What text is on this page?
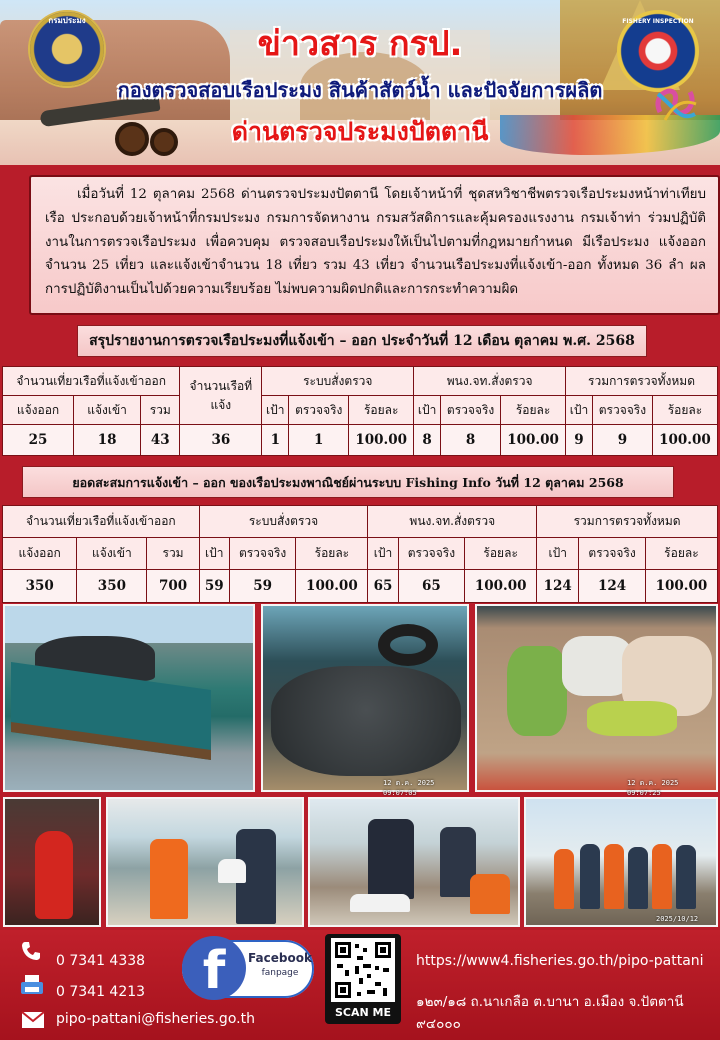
กรมประมง	FISHERY INSPECTION
ข่าวสาร กรป.
กองตรวจสอบเรือประมง สินค้าสัตว์น้ำ และปัจจัยการผลิต
ด่านตรวจประมงปัตตานี

เมื่อวันที่ 12 ตุลาคม 2568 ด่านตรวจประมงปัตตานี โดยเจ้าหน้าที่ ชุดสหวิชาชีพตรวจเรือประมงหน้าท่าเทียบเรือ ประกอบด้วยเจ้าหน้าที่กรมประมง กรมการจัดหางาน กรมสวัสดิการและคุ้มครองแรงงาน กรมเจ้าท่า ร่วมปฏิบัติงานในการตรวจเรือประมง เพื่อควบคุม ตรวจสอบเรือประมงให้เป็นไปตามที่กฎหมายกำหนด มีเรือประมง แจ้งออก จำนวน 25 เที่ยว และแจ้งเข้าจำนวน 18 เที่ยว รวม 43 เที่ยว จำนวนเรือประมงที่แจ้งเข้า-ออก ทั้งหมด 36 ลำ ผลการปฏิบัติงานเป็นไปด้วยความเรียบร้อย ไม่พบความผิดปกติและการกระทำความผิด

สรุปรายงานการตรวจเรือประมงที่แจ้งเข้า – ออก ประจำวันที่ 12 เดือน ตุลาคม พ.ศ. 2568
จำนวนเที่ยวเรือที่แจ้งเข้าออก			จำนวนเรือที่แจ้ง	ระบบสั่งตรวจ			พนง.จท.สั่งตรวจ			รวมการตรวจทั้งหมด		
แจ้งออก	แจ้งเข้า	รวม		เป้า	ตรวจจริง	ร้อยละ	เป้า	ตรวจจริง	ร้อยละ	เป้า	ตรวจจริง	ร้อยละ
25	18	43	36	1	1	100.00	8	8	100.00	9	9	100.00
ยอดสะสมการแจ้งเข้า – ออก ของเรือประมงพาณิชย์ผ่านระบบ Fishing Info วันที่ 12 ตุลาคม 2568
จำนวนเที่ยวเรือที่แจ้งเข้าออก			ระบบสั่งตรวจ			พนง.จท.สั่งตรวจ			รวมการตรวจทั้งหมด		
แจ้งออก	แจ้งเข้า	รวม	เป้า	ตรวจจริง	ร้อยละ	เป้า	ตรวจจริง	ร้อยละ	เป้า	ตรวจจริง	ร้อยละ
350	350	700	59	59	100.00	65	65	100.00	124	124	100.00
12 ต.ค. 2025 09:07:05
12 ต.ค. 2025 09:07:25
2025/10/12
0 7341 4338
0 7341 4213
pipo-pattani@fisheries.go.th
f	Facebook
fanpage
SCAN ME
https://www4.fisheries.go.th/pipo-pattani
๑๒๓/๑๘ ถ.นาเกลือ ต.บานา อ.เมือง จ.ปัตตานี ๙๔๐๐๐
